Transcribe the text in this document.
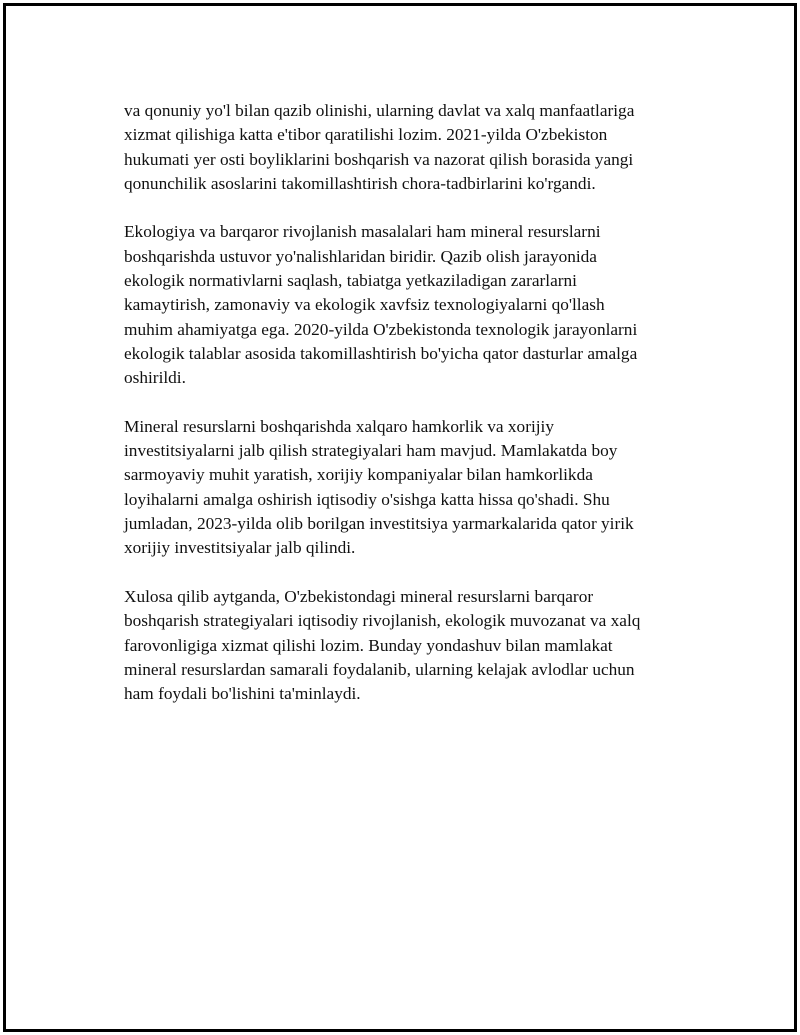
va qonuniy yo'l bilan qazib olinishi, ularning davlat va xalq manfaatlariga
xizmat qilishiga katta e'tibor qaratilishi lozim. 2021-yilda O'zbekiston
hukumati yer osti boyliklarini boshqarish va nazorat qilish borasida yangi
qonunchilik asoslarini takomillashtirish chora-tadbirlarini ko'rgandi.

Ekologiya va barqaror rivojlanish masalalari ham mineral resurslarni
boshqarishda ustuvor yo'nalishlaridan biridir. Qazib olish jarayonida
ekologik normativlarni saqlash, tabiatga yetkaziladigan zararlarni
kamaytirish, zamonaviy va ekologik xavfsiz texnologiyalarni qo'llash
muhim ahamiyatga ega. 2020-yilda O'zbekistonda texnologik jarayonlarni
ekologik talablar asosida takomillashtirish bo'yicha qator dasturlar amalga
oshirildi.

Mineral resurslarni boshqarishda xalqaro hamkorlik va xorijiy
investitsiyalarni jalb qilish strategiyalari ham mavjud. Mamlakatda boy
sarmoyaviy muhit yaratish, xorijiy kompaniyalar bilan hamkorlikda
loyihalarni amalga oshirish iqtisodiy o'sishga katta hissa qo'shadi. Shu
jumladan, 2023-yilda olib borilgan investitsiya yarmarkalarida qator yirik
xorijiy investitsiyalar jalb qilindi.

Xulosa qilib aytganda, O'zbekistondagi mineral resurslarni barqaror
boshqarish strategiyalari iqtisodiy rivojlanish, ekologik muvozanat va xalq
farovonligiga xizmat qilishi lozim. Bunday yondashuv bilan mamlakat
mineral resurslardan samarali foydalanib, ularning kelajak avlodlar uchun
ham foydali bo'lishini ta'minlaydi.
